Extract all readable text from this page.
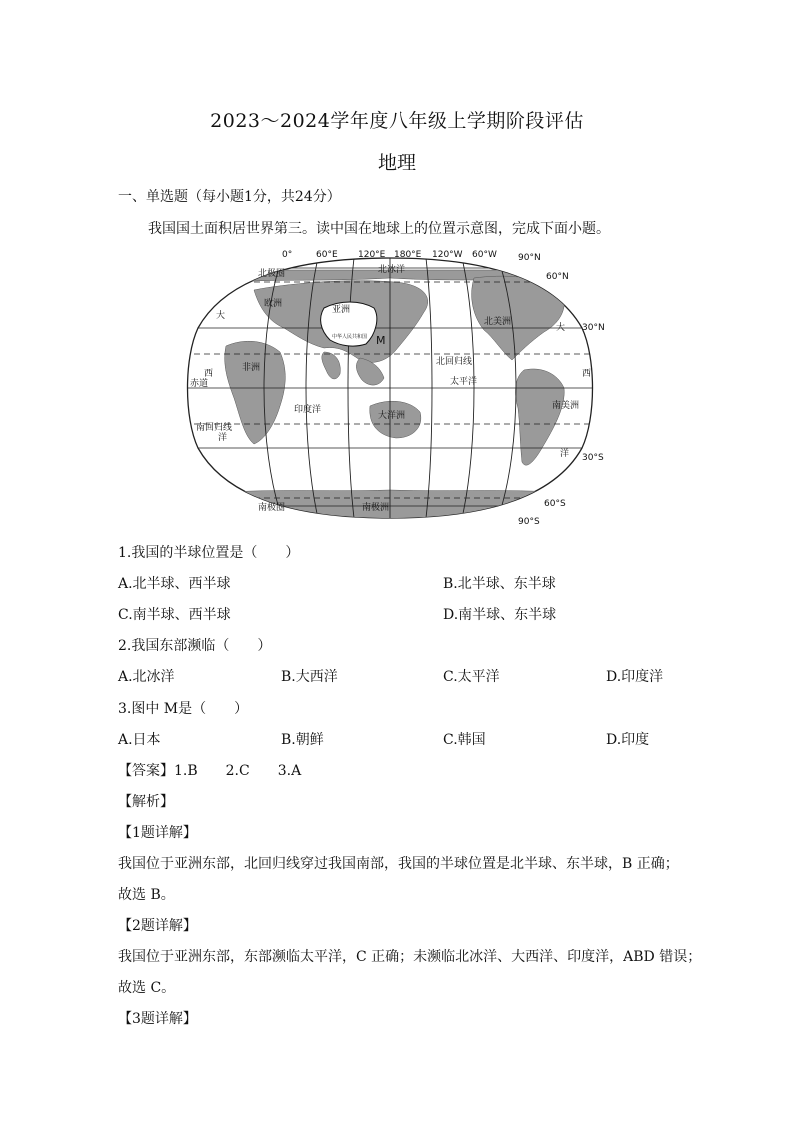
2023～2024学年度八年级上学期阶段评估
地理
一、单选题（每小题1分，共24分）
我国国土面积居世界第三。读中国在地球上的位置示意图，完成下面小题。
0°	60°E 120°E 180°E 120°W 60°W 90°N
60°N
30°N
30°S
60°S
90°S
北极圈	北冰洋
欧洲
亚洲
中华人民共和国 M
北美洲
北回归线
太平洋
非洲
赤道
印度洋
大洋洲
南美洲
南回归线
南极圈	南极洲
大
西
洋
大
西
洋
1.我国的半球位置是（　　）
A.北半球、西半球	B.北半球、东半球
C.南半球、西半球	D.南半球、东半球
2.我国东部濒临（　　）
A.北冰洋	B.大西洋	C.太平洋	D.印度洋
3.图中 M是（　　）
A.日本	B.朝鲜	C.韩国	D.印度
【答案】1.B　　2.C　　3.A
【解析】
【1题详解】
我国位于亚洲东部，北回归线穿过我国南部，我国的半球位置是北半球、东半球，B 正确；
故选 B。
【2题详解】
我国位于亚洲东部，东部濒临太平洋，C 正确；未濒临北冰洋、大西洋、印度洋，ABD 错误；
故选 C。
【3题详解】
